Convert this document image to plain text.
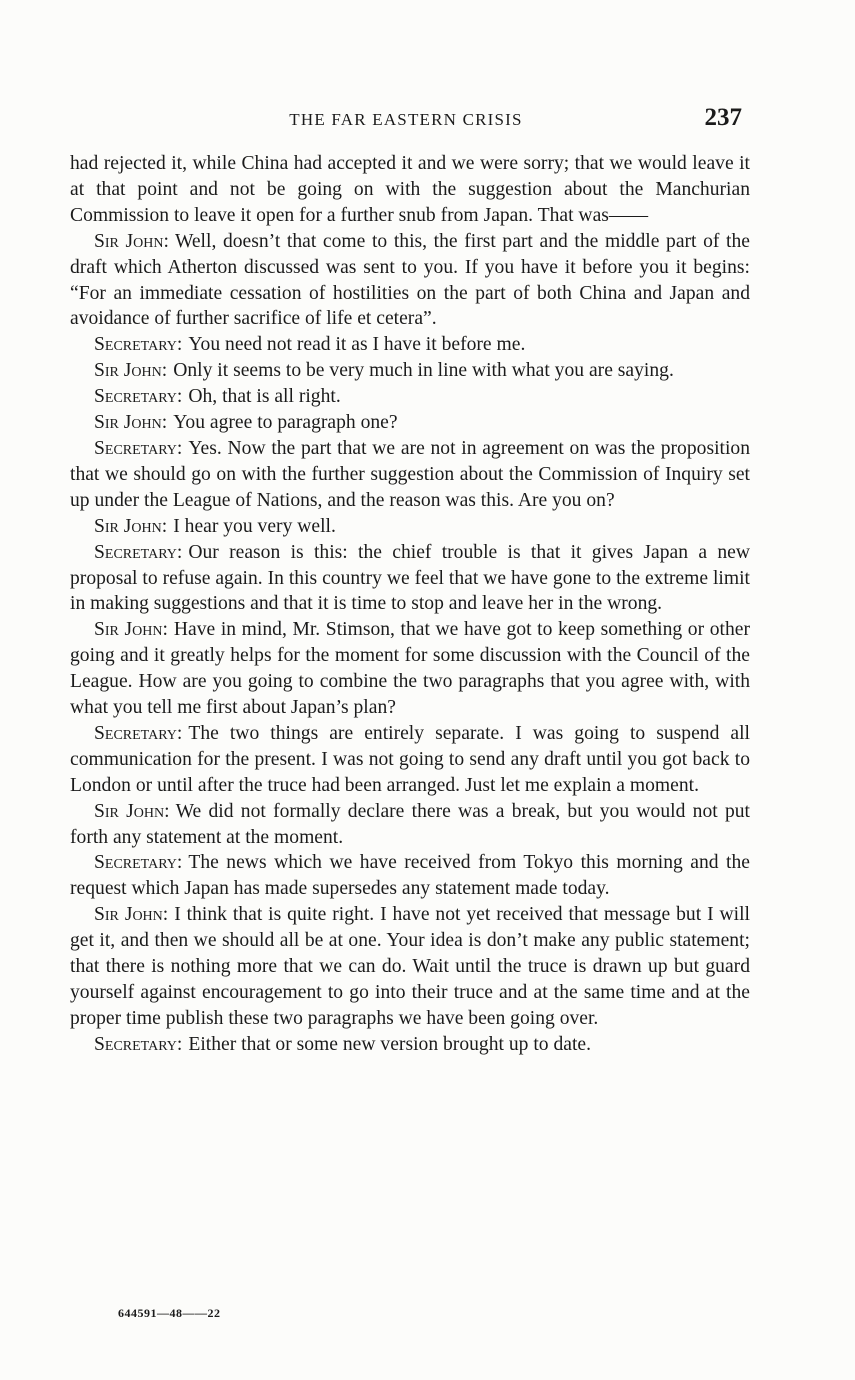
THE FAR EASTERN CRISIS	237

had rejected it, while China had accepted it and we were sorry; that we would leave it at that point and not be going on with the suggestion about the Manchurian Commission to leave it open for a further snub from Japan. That was——

Sir John: Well, doesn’t that come to this, the first part and the middle part of the draft which Atherton discussed was sent to you. If you have it before you it begins: “For an immediate cessation of hostilities on the part of both China and Japan and avoidance of further sacrifice of life et cetera”.

Secretary: You need not read it as I have it before me.

Sir John: Only it seems to be very much in line with what you are saying.

Secretary: Oh, that is all right.

Sir John: You agree to paragraph one?

Secretary: Yes. Now the part that we are not in agreement on was the proposition that we should go on with the further suggestion about the Commission of Inquiry set up under the League of Nations, and the reason was this. Are you on?

Sir John: I hear you very well.

Secretary: Our reason is this: the chief trouble is that it gives Japan a new proposal to refuse again. In this country we feel that we have gone to the extreme limit in making suggestions and that it is time to stop and leave her in the wrong.

Sir John: Have in mind, Mr. Stimson, that we have got to keep something or other going and it greatly helps for the moment for some discussion with the Council of the League. How are you going to combine the two paragraphs that you agree with, with what you tell me first about Japan’s plan?

Secretary: The two things are entirely separate. I was going to suspend all communication for the present. I was not going to send any draft until you got back to London or until after the truce had been arranged. Just let me explain a moment.

Sir John: We did not formally declare there was a break, but you would not put forth any statement at the moment.

Secretary: The news which we have received from Tokyo this morning and the request which Japan has made supersedes any statement made today.

Sir John: I think that is quite right. I have not yet received that message but I will get it, and then we should all be at one. Your idea is don’t make any public statement; that there is nothing more that we can do. Wait until the truce is drawn up but guard yourself against encouragement to go into their truce and at the same time and at the proper time publish these two paragraphs we have been going over.

Secretary: Either that or some new version brought up to date.

644591—48——22
